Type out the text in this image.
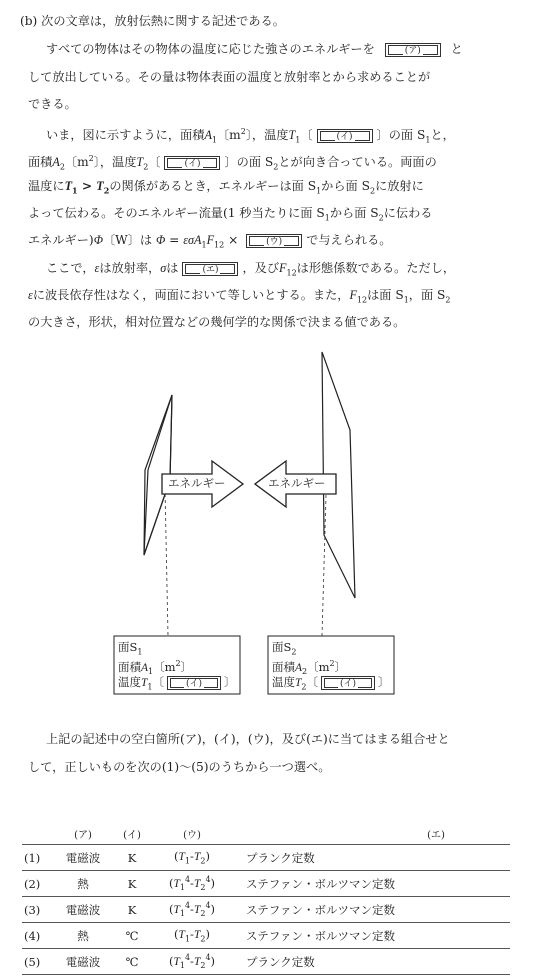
(b) 次の文章は，放射伝熱に関する記述である。
すべての物体はその物体の温度に応じた強さのエネルギーを	(ア) と
して放出している。その量は物体表面の温度と放射率とから求めることが
できる。
いま，図に示すように，面積$A_1$〔$m^2$〕，温度$T_1$〔	(イ) 〕の面 $S_1$と，
面積$A_2$〔$m^2$〕，温度$T_2$〔	(イ) 〕の面 $S_2$とが向き合っている。両面の
温度に$T_1 > T_2$の関係があるとき，エネルギーは面 $S_1$から面 $S_2$に放射に
よって伝わる。そのエネルギー流量(1 秒当たりに面 $S_1$から面 $S_2$に伝わる
エネルギー)Φ〔W〕は $\Phi = \varepsilon\sigma A_1F_{12}$ ×	(ウ) で与えられる。
ここで，εは放射率，σは	(エ) ，及び$F_{12}$は形態係数である。ただし，
εに波長依存性はなく，両面において等しいとする。また，$F_{12}$は面 $S_1$，面 $S_2$
の大きさ，形状，相対位置などの幾何学的な関係で決まる値である。
エネルギー	エネルギー
面$S_1$
面積$A_1$〔$m^2$〕
温度$T_1$〔 (イ) 〕
面$S_2$
面積$A_2$〔$m^2$〕
温度$T_2$〔 (イ) 〕
上記の記述中の空白箇所(ア)，(イ)，(ウ)，及び(エ)に当てはまる組合せと
して，正しいものを次の(1)～(5)のうちから一つ選べ。
	(ア)	(イ)	(ウ)	(エ)
(1)	電磁波	K	$(T_1-T_2)$	プランク定数
(2)	熱	K	$(T_1^4-T_2^4)$	ステファン・ボルツマン定数
(3)	電磁波	K	$(T_1^4-T_2^4)$	ステファン・ボルツマン定数
(4)	熱	℃	$(T_1-T_2)$	ステファン・ボルツマン定数
(5)	電磁波	℃	$(T_1^4-T_2^4)$	プランク定数
